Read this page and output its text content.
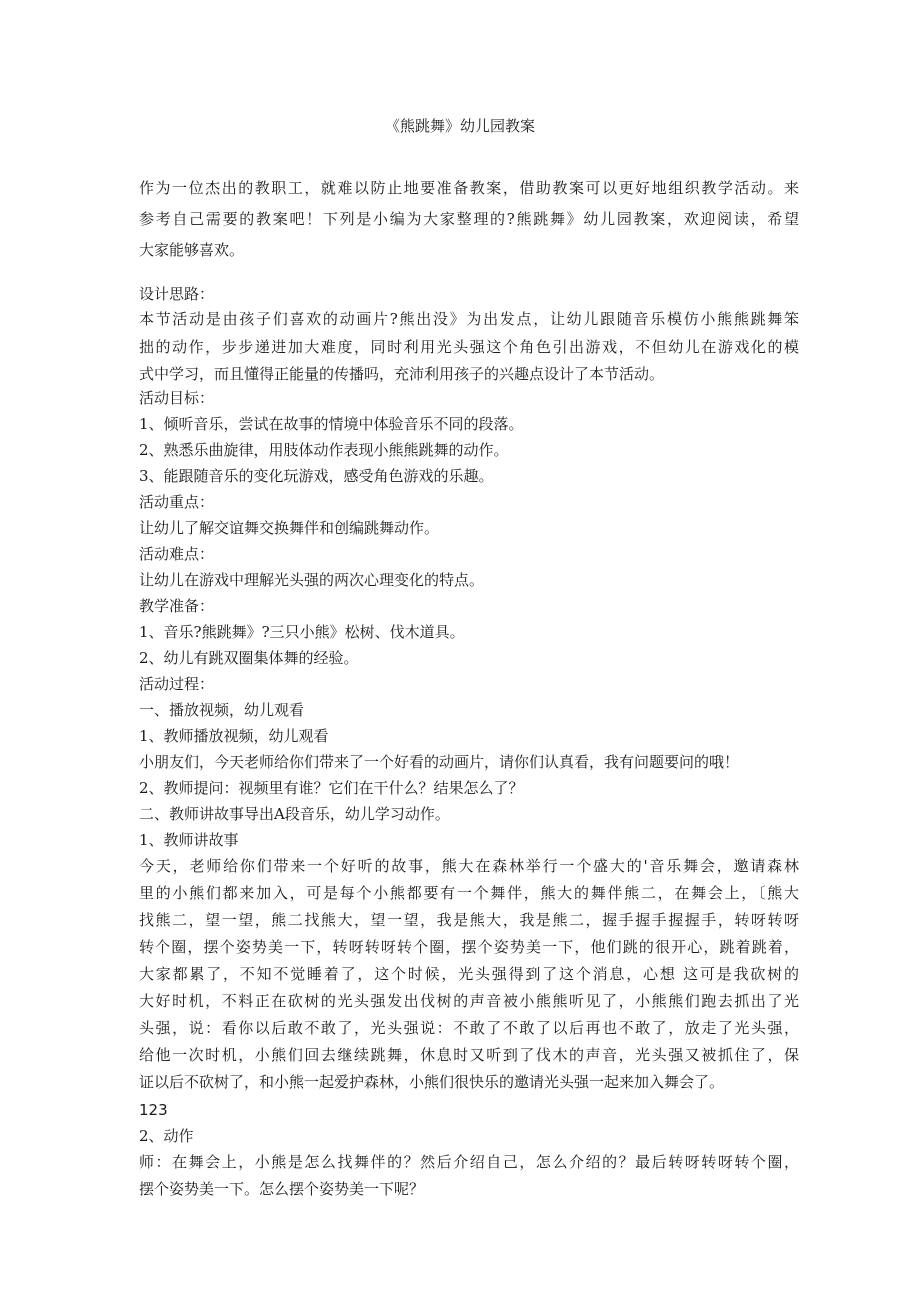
《熊跳舞》幼儿园教案
作为一位杰出的教职工，就难以防止地要准备教案，借助教案可以更好地组织教学活动。来
参考自己需要的教案吧！下列是小编为大家整理的?熊跳舞》幼儿园教案，欢迎阅读，希望
大家能够喜欢。
设计思路：
本节活动是由孩子们喜欢的动画片?熊出没》为出发点，让幼儿跟随音乐模仿小熊熊跳舞笨
拙的动作，步步递进加大难度，同时利用光头强这个角色引出游戏，不但幼儿在游戏化的模
式中学习，而且懂得正能量的传播吗，充沛利用孩子的兴趣点设计了本节活动。
活动目标：
1、倾听音乐，尝试在故事的情境中体验音乐不同的段落。
2、熟悉乐曲旋律，用肢体动作表现小熊熊跳舞的动作。
3、能跟随音乐的变化玩游戏，感受角色游戏的乐趣。
活动重点：
让幼儿了解交谊舞交换舞伴和创编跳舞动作。
活动难点：
让幼儿在游戏中理解光头强的两次心理变化的特点。
教学准备：
1、音乐?熊跳舞》?三只小熊》松树、伐木道具。
2、幼儿有跳双圈集体舞的经验。
活动过程：
一、播放视频，幼儿观看
1、教师播放视频，幼儿观看
小朋友们，今天老师给你们带来了一个好看的动画片，请你们认真看，我有问题要问的哦！
2、教师提问：视频里有谁？它们在干什么？结果怎么了？
二、教师讲故事导出A段音乐，幼儿学习动作。
1、教师讲故事
今天，老师给你们带来一个好听的故事，熊大在森林举行一个盛大的'音乐舞会，邀请森林
里的小熊们都来加入，可是每个小熊都要有一个舞伴，熊大的舞伴熊二，在舞会上，〔熊大
找熊二，望一望，熊二找熊大，望一望，我是熊大，我是熊二，握手握手握握手，转呀转呀
转个圈，摆个姿势美一下，转呀转呀转个圈，摆个姿势美一下，他们跳的很开心，跳着跳着，
大家都累了，不知不觉睡着了，这个时候，光头强得到了这个消息，心想 这可是我砍树的
大好时机，不料正在砍树的光头强发出伐树的声音被小熊熊听见了，小熊熊们跑去抓出了光
头强，说：看你以后敢不敢了，光头强说：不敢了不敢了以后再也不敢了，放走了光头强，
给他一次时机，小熊们回去继续跳舞，休息时又听到了伐木的声音，光头强又被抓住了，保
证以后不砍树了，和小熊一起爱护森林，小熊们很快乐的邀请光头强一起来加入舞会了。
123
2、动作
师：在舞会上，小熊是怎么找舞伴的？然后介绍自己，怎么介绍的？最后转呀转呀转个圈，
摆个姿势美一下。怎么摆个姿势美一下呢？
